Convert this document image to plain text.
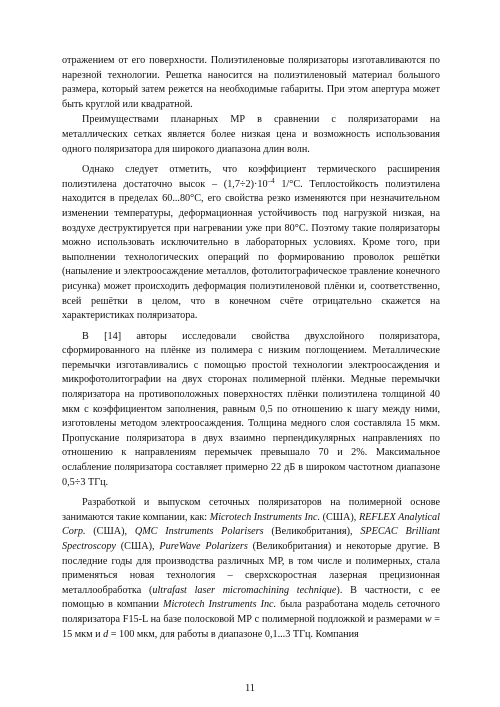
отражением от его поверхности. Полиэтиленовые поляризаторы изготавливаются по нарезной технологии. Решетка наносится на полиэтиленовый материал большого размера, который затем режется на необходимые габариты. При этом апертура может быть круглой или квадратной.

Преимуществами планарных МР в сравнении с поляризаторами на металлических сетках является более низкая цена и возможность использования одного поляризатора для широкого диапазона длин волн.

Однако следует отметить, что коэффициент термического расширения полиэтилена достаточно высок – $(1,7\div 2)\cdot 10^{-4}$ 1/°С. Теплостойкость полиэтилена находится в пределах 60...80°С, его свойства резко изменяются при незначительном изменении температуры, деформационная устойчивость под нагрузкой низкая, на воздухе деструктируется при нагревании уже при 80°С. Поэтому такие поляризаторы можно использовать исключительно в лабораторных условиях. Кроме того, при выполнении технологических операций по формированию проволок решётки (напыление и электроосаждение металлов, фотолитографическое травление конечного рисунка) может происходить деформация полиэтиленовой плёнки и, соответственно, всей решётки в целом, что в конечном счёте отрицательно скажется на характеристиках поляризатора.

В [14] авторы исследовали свойства двухслойного поляризатора, сформированного на плёнке из полимера с низким поглощением. Металлические перемычки изготавливались с помощью простой технологии электроосаждения и микрофотолитографии на двух сторонах полимерной плёнки. Медные перемычки поляризатора на противоположных поверхностях плёнки полиэтилена толщиной 40 мкм с коэффициентом заполнения, равным 0,5 по отношению к шагу между ними, изготовлены методом электроосаждения. Толщина медного слоя составляла 15 мкм. Пропускание поляризатора в двух взаимно перпендикулярных направлениях по отношению к направлениям перемычек превышало 70 и 2%. Максимальное ослабление поляризатора составляет примерно 22 дБ в широком частотном диапазоне 0,5÷3 ТГц.

Разработкой и выпуском сеточных поляризаторов на полимерной основе занимаются такие компании, как: Microtech Instruments Inc. (США), REFLEX Analytical Corp. (США), QMC Instruments Polarisers (Великобритания), SPECAC Brilliant Spectroscopy (США), PureWave Polarizers (Великобритания) и некоторые другие. В последние годы для производства различных МР, в том числе и полимерных, стала применяться новая технология – сверхскоростная лазерная прецизионная металлообработка (ultrafast laser micromachining technique). В частности, с ее помощью в компании Microtech Instruments Inc. была разработана модель сеточного поляризатора F15-L на базе полосковой МР с полимерной подложкой и размерами w = 15 мкм и d = 100 мкм, для работы в диапазоне 0,1...3 ТГц. Компания

11
